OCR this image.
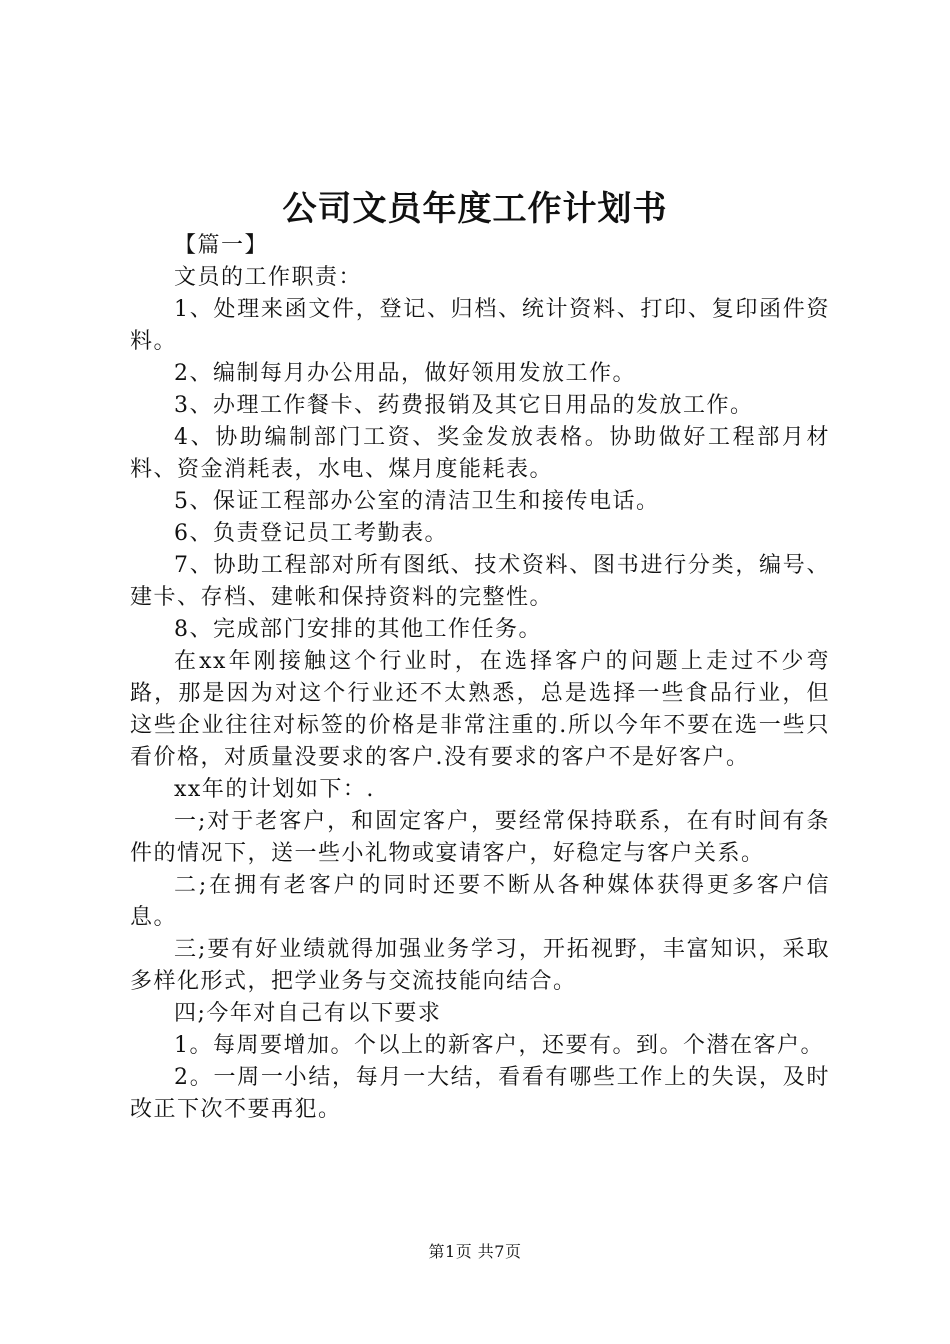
公司文员年度工作计划书

【篇一】

文员的工作职责：

1、处理来函文件，登记、归档、统计资料、打印、复印函件资料。

2、编制每月办公用品，做好领用发放工作。

3、办理工作餐卡、药费报销及其它日用品的发放工作。

4、协助编制部门工资、奖金发放表格。协助做好工程部月材料、资金消耗表，水电、煤月度能耗表。

5、保证工程部办公室的清洁卫生和接传电话。

6、负责登记员工考勤表。

7、协助工程部对所有图纸、技术资料、图书进行分类，编号、建卡、存档、建帐和保持资料的完整性。

8、完成部门安排的其他工作任务。

在xx年刚接触这个行业时，在选择客户的问题上走过不少弯路，那是因为对这个行业还不太熟悉，总是选择一些食品行业，但这些企业往往对标签的价格是非常注重的.所以今年不要在选一些只看价格，对质量没要求的客户.没有要求的客户不是好客户。

xx年的计划如下：.

一;对于老客户，和固定客户，要经常保持联系，在有时间有条件的情况下，送一些小礼物或宴请客户，好稳定与客户关系。

二;在拥有老客户的同时还要不断从各种媒体获得更多客户信息。

三;要有好业绩就得加强业务学习，开拓视野，丰富知识，采取多样化形式，把学业务与交流技能向结合。

四;今年对自己有以下要求

1。每周要增加。个以上的新客户，还要有。到。个潜在客户。

2。一周一小结，每月一大结，看看有哪些工作上的失误，及时改正下次不要再犯。

第1页 共7页
